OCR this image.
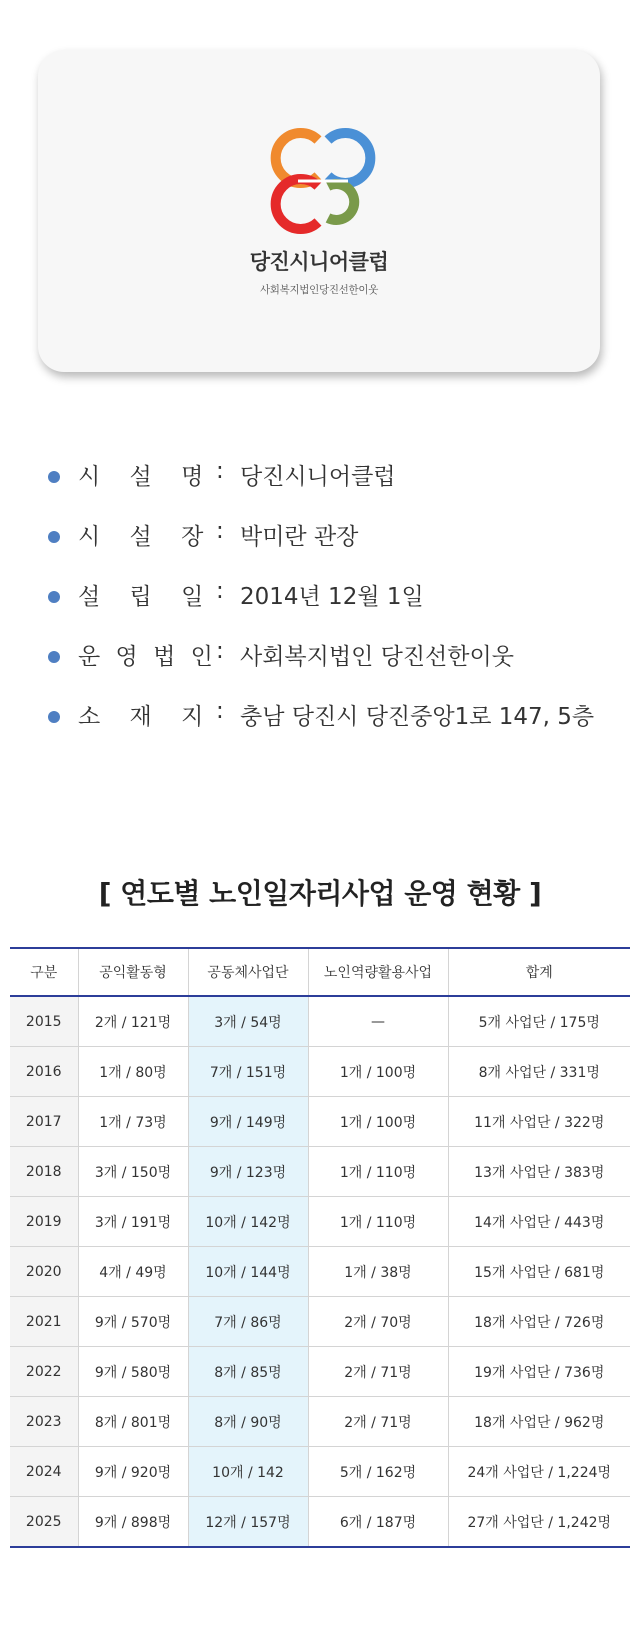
당진시니어클럽
사회복지법인당진선한이웃
시 설 명 : 당진시니어클럽
시 설 장 : 박미란 관장
설 립 일 : 2014년 12월 1일
운 영 법 인 : 사회복지법인 당진선한이웃
소 재 지 : 충남 당진시 당진중앙1로 147, 5층
[ 연도별 노인일자리사업 운영 현황 ]
구분	공익활동형	공동체사업단	노인역량활용사업	합계
2015	2개 / 121명	3개 / 54명	—	5개 사업단 / 175명
2016	1개 / 80명	7개 / 151명	1개 / 100명	8개 사업단 / 331명
2017	1개 / 73명	9개 / 149명	1개 / 100명	11개 사업단 / 322명
2018	3개 / 150명	9개 / 123명	1개 / 110명	13개 사업단 / 383명
2019	3개 / 191명	10개 / 142명	1개 / 110명	14개 사업단 / 443명
2020	4개 / 49명	10개 / 144명	1개 / 38명	15개 사업단 / 681명
2021	9개 / 570명	7개 / 86명	2개 / 70명	18개 사업단 / 726명
2022	9개 / 580명	8개 / 85명	2개 / 71명	19개 사업단 / 736명
2023	8개 / 801명	8개 / 90명	2개 / 71명	18개 사업단 / 962명
2024	9개 / 920명	10개 / 142	5개 / 162명	24개 사업단 / 1,224명
2025	9개 / 898명	12개 / 157명	6개 / 187명	27개 사업단 / 1,242명
